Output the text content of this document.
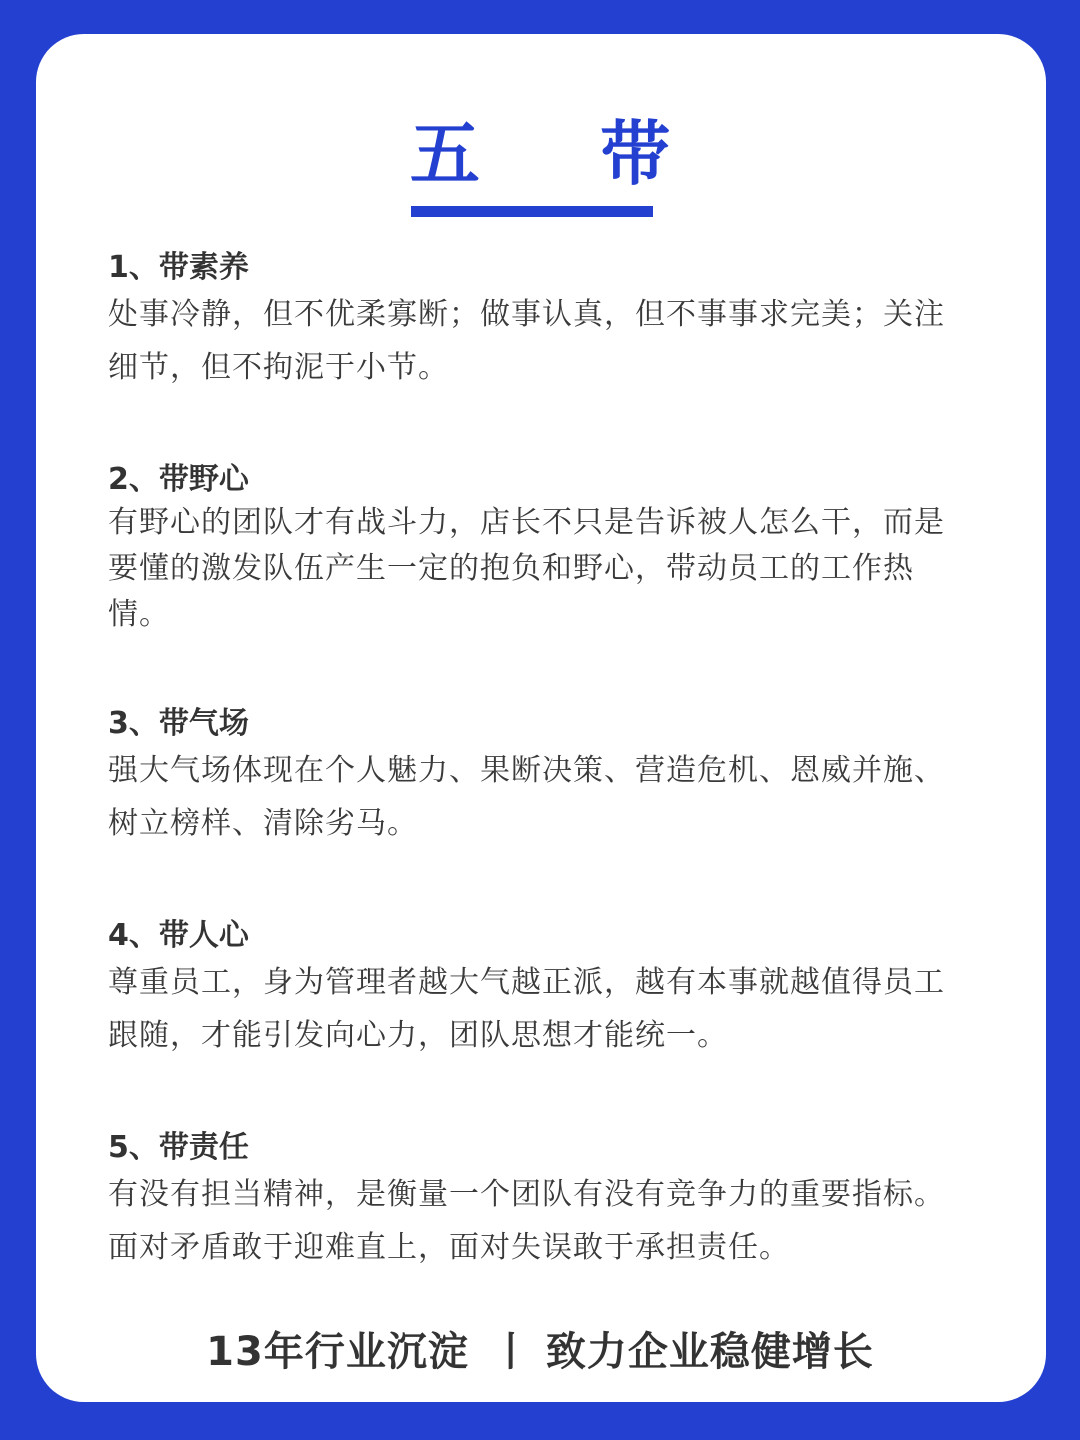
五 带

1、带素养

处事冷静，但不优柔寡断；做事认真，但不事事求完美；关注细节，但不拘泥于小节。

2、带野心

有野心的团队才有战斗力，店长不只是告诉被人怎么干，而是要懂的激发队伍产生一定的抱负和野心，带动员工的工作热情。

3、带气场

强大气场体现在个人魅力、果断决策、营造危机、恩威并施、树立榜样、清除劣马。

4、带人心

尊重员工，身为管理者越大气越正派，越有本事就越值得员工跟随，才能引发向心力，团队思想才能统一。

5、带责任

有没有担当精神，是衡量一个团队有没有竞争力的重要指标。面对矛盾敢于迎难直上，面对失误敢于承担责任。

13年行业沉淀 丨 致力企业稳健增长
